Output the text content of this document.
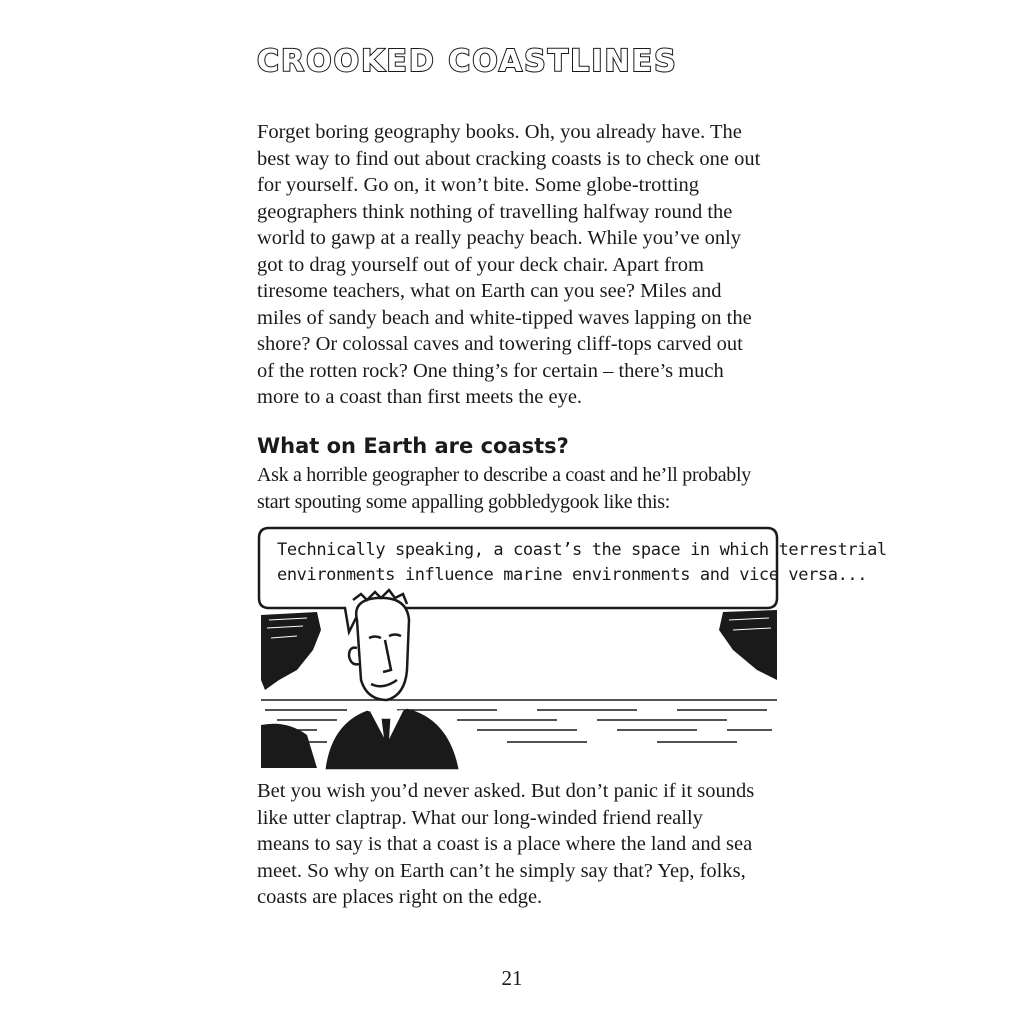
CROOKED COASTLINES
Forget boring geography books. Oh, you already have. The
best way to find out about cracking coasts is to check one out
for yourself. Go on, it won’t bite. Some globe-trotting
geographers think nothing of travelling halfway round the
world to gawp at a really peachy beach. While you’ve only
got to drag yourself out of your deck chair. Apart from
tiresome teachers, what on Earth can you see? Miles and
miles of sandy beach and white-tipped waves lapping on the
shore? Or colossal caves and towering cliff-tops carved out
of the rotten rock? One thing’s for certain – there’s much
more to a coast than first meets the eye.
What on Earth are coasts?
Ask a horrible geographer to describe a coast and he’ll probably
start spouting some appalling gobbledygook like this:
Technically speaking, a coast’s the space in which terrestrial
environments influence marine environments and vice versa...
Bet you wish you’d never asked. But don’t panic if it sounds
like utter claptrap. What our long-winded friend really
means to say is that a coast is a place where the land and sea
meet. So why on Earth can’t he simply say that? Yep, folks,
coasts are places right on the edge.
21
